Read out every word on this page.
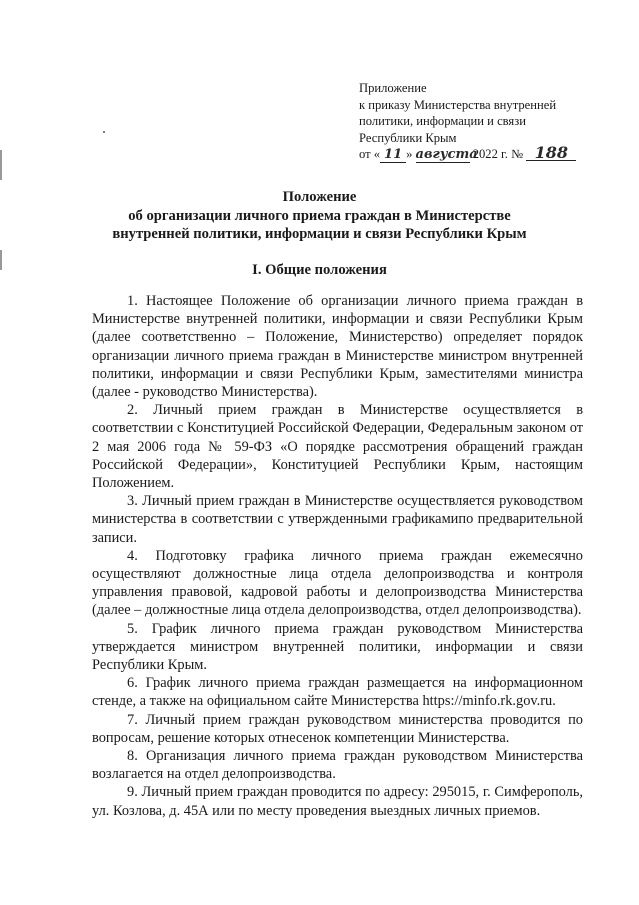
Приложение
к приказу Министерства внутренней
политики, информации и связи
Республики Крым
от « 11 » августа 2022 г. № 188
Положение
об организации личного приема граждан в Министерстве
внутренней политики, информации и связи Республики Крым
I. Общие положения

1. Настоящее Положение об организации личного приема граждан в Министерстве внутренней политики, информации и связи Республики Крым (далее соответственно – Положение, Министерство) определяет порядок организации личного приема граждан в Министерстве министром внутренней политики, информации и связи Республики Крым, заместителями министра (далее - руководство Министерства).

2. Личный прием граждан в Министерстве осуществляется в соответствии с Конституцией Российской Федерации, Федеральным законом от 2 мая 2006 года № 59-ФЗ «О порядке рассмотрения обращений граждан Российской Федерации», Конституцией Республики Крым, настоящим Положением.

3. Личный прием граждан в Министерстве осуществляется руководством министерства в соответствии с утвержденными графикамипо предварительной записи.

4. Подготовку графика личного приема граждан ежемесячно осуществляют должностные лица отдела делопроизводства и контроля управления правовой, кадровой работы и делопроизводства Министерства (далее – должностные лица отдела делопроизводства, отдел делопроизводства).

5. График личного приема граждан руководством Министерства утверждается министром внутренней политики, информации и связи Республики Крым.

6. График личного приема граждан размещается на информационном стенде, а также на официальном сайте Министерства https://minfo.rk.gov.ru.

7. Личный прием граждан руководством министерства проводится по вопросам, решение которых отнесенок компетенции Министерства.

8. Организация личного приема граждан руководством Министерства возлагается на отдел делопроизводства.

9. Личный прием граждан проводится по адресу: 295015, г. Симферополь, ул. Козлова, д. 45А или по месту проведения выездных личных приемов.
